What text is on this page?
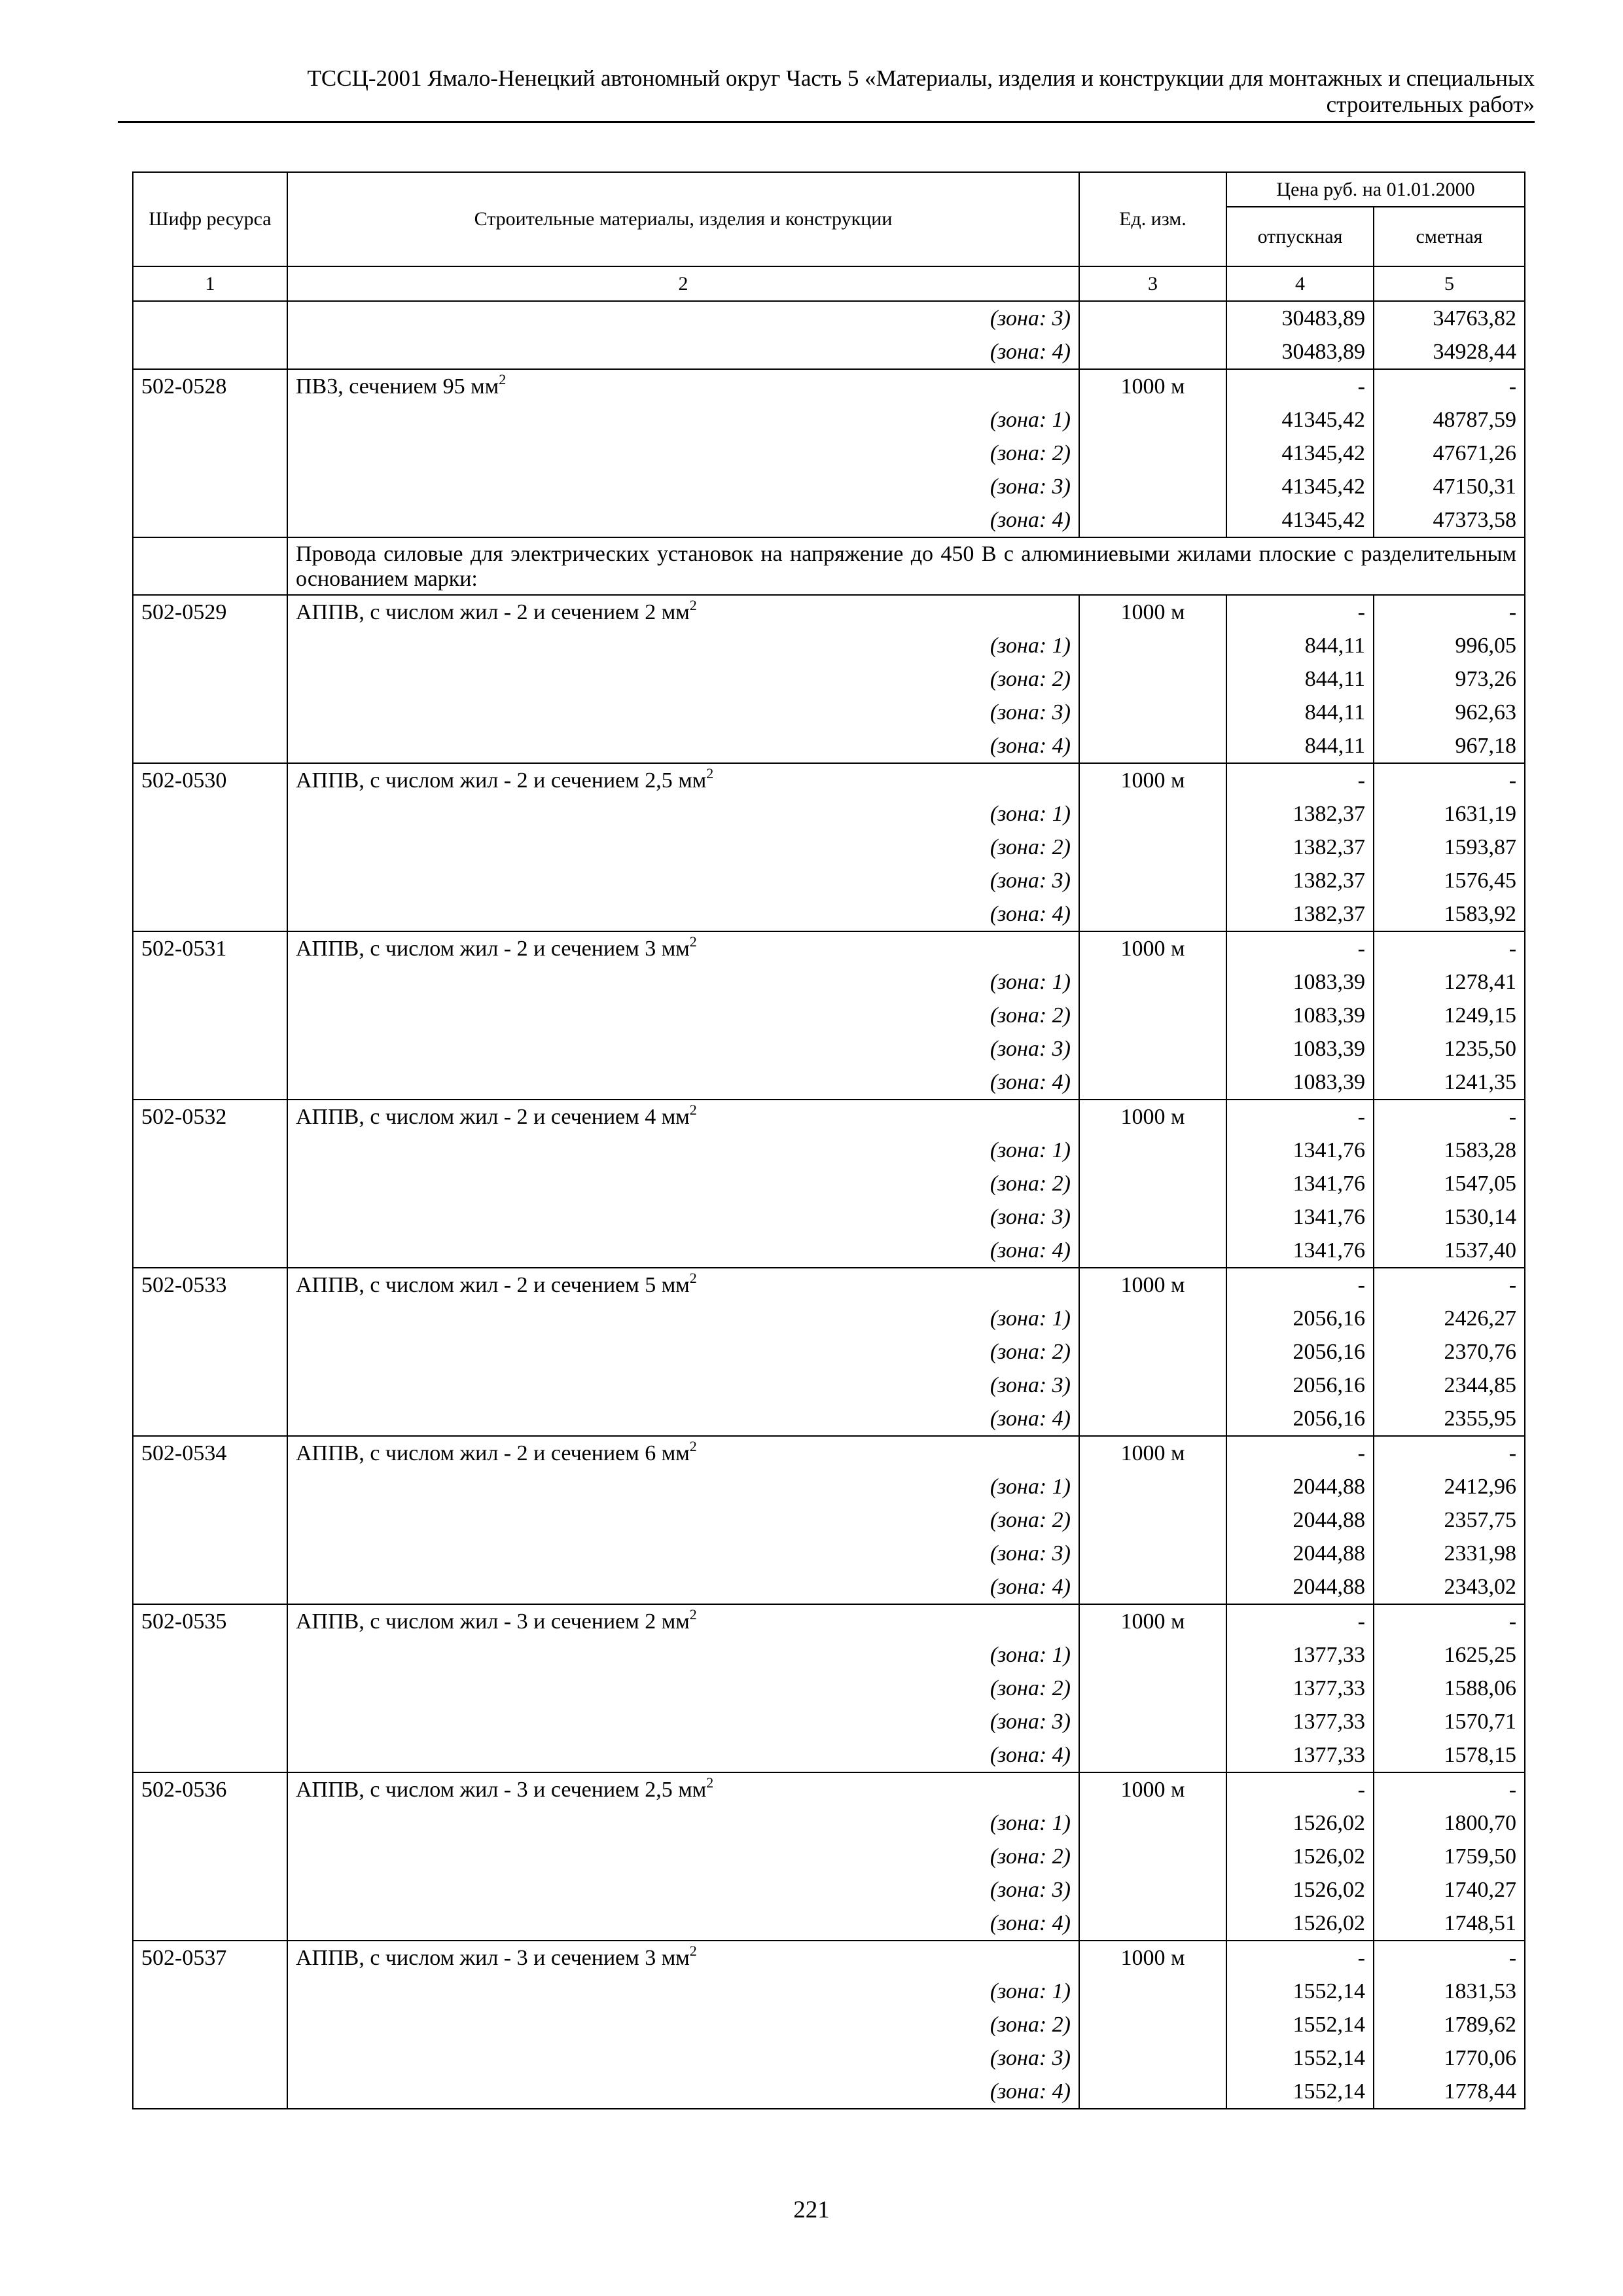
ТССЦ-2001 Ямало-Ненецкий автономный округ Часть 5 «Материалы, изделия и конструкции для монтажных и специальных
строительных работ»
Шифр ресурса	Строительные материалы, изделия и конструкции	Ед. изм.	Цена руб. на 01.01.2000	
			отпускная	сметная
1	2	3	4	5
	(зона: 3)		30483,89	34763,82
	(зона: 4)		30483,89	34928,44
502-0528	ПВ3, сечением 95 $мм^2$	1000 м	-	-
	(зона: 1)		41345,42	48787,59
	(зона: 2)		41345,42	47671,26
	(зона: 3)		41345,42	47150,31
	(зона: 4)		41345,42	47373,58
	Провода силовые для электрических установок на напряжение до 450 В с алюминиевыми жилами плоские с разделительным основанием марки:			
502-0529	АППВ, с числом жил - 2 и сечением 2 $мм^2$	1000 м	-	-
	(зона: 1)		844,11	996,05
	(зона: 2)		844,11	973,26
	(зона: 3)		844,11	962,63
	(зона: 4)		844,11	967,18
502-0530	АППВ, с числом жил - 2 и сечением 2,5 $мм^2$	1000 м	-	-
	(зона: 1)		1382,37	1631,19
	(зона: 2)		1382,37	1593,87
	(зона: 3)		1382,37	1576,45
	(зона: 4)		1382,37	1583,92
502-0531	АППВ, с числом жил - 2 и сечением 3 $мм^2$	1000 м	-	-
	(зона: 1)		1083,39	1278,41
	(зона: 2)		1083,39	1249,15
	(зона: 3)		1083,39	1235,50
	(зона: 4)		1083,39	1241,35
502-0532	АППВ, с числом жил - 2 и сечением 4 $мм^2$	1000 м	-	-
	(зона: 1)		1341,76	1583,28
	(зона: 2)		1341,76	1547,05
	(зона: 3)		1341,76	1530,14
	(зона: 4)		1341,76	1537,40
502-0533	АППВ, с числом жил - 2 и сечением 5 $мм^2$	1000 м	-	-
	(зона: 1)		2056,16	2426,27
	(зона: 2)		2056,16	2370,76
	(зона: 3)		2056,16	2344,85
	(зона: 4)		2056,16	2355,95
502-0534	АППВ, с числом жил - 2 и сечением 6 $мм^2$	1000 м	-	-
	(зона: 1)		2044,88	2412,96
	(зона: 2)		2044,88	2357,75
	(зона: 3)		2044,88	2331,98
	(зона: 4)		2044,88	2343,02
502-0535	АППВ, с числом жил - 3 и сечением 2 $мм^2$	1000 м	-	-
	(зона: 1)		1377,33	1625,25
	(зона: 2)		1377,33	1588,06
	(зона: 3)		1377,33	1570,71
	(зона: 4)		1377,33	1578,15
502-0536	АППВ, с числом жил - 3 и сечением 2,5 $мм^2$	1000 м	-	-
	(зона: 1)		1526,02	1800,70
	(зона: 2)		1526,02	1759,50
	(зона: 3)		1526,02	1740,27
	(зона: 4)		1526,02	1748,51
502-0537	АППВ, с числом жил - 3 и сечением 3 $мм^2$	1000 м	-	-
	(зона: 1)		1552,14	1831,53
	(зона: 2)		1552,14	1789,62
	(зона: 3)		1552,14	1770,06
	(зона: 4)		1552,14	1778,44
221
